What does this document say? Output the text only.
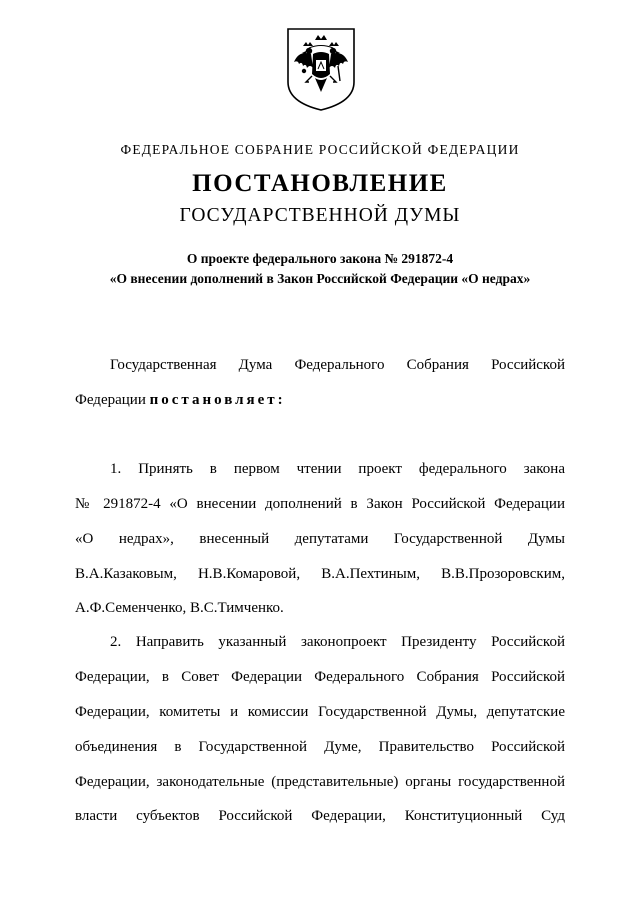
ФЕДЕРАЛЬНОЕ СОБРАНИЕ РОССИЙСКОЙ ФЕДЕРАЦИИ
ПОСТАНОВЛЕНИЕ
ГОСУДАРСТВЕННОЙ ДУМЫ
О проекте федерального закона № 291872-4
«О внесении дополнений в Закон Российской Федерации «О недрах»
Государственная Дума Федерального Собрания Российской
Федерации постановляет:
1. Принять в первом чтении проект федерального закона
№ 291872-4 «О внесении дополнений в Закон Российской Федерации
«О недрах», внесенный депутатами Государственной Думы
В.А.Казаковым, Н.В.Комаровой, В.А.Пехтиным, В.В.Прозоровским,
А.Ф.Семенченко, В.С.Тимченко.
2. Направить указанный законопроект Президенту Российской
Федерации, в Совет Федерации Федерального Собрания Российской
Федерации, комитеты и комиссии Государственной Думы, депутатские
объединения в Государственной Думе, Правительство Российской
Федерации, законодательные (представительные) органы государственной
власти субъектов Российской Федерации, Конституционный Суд
